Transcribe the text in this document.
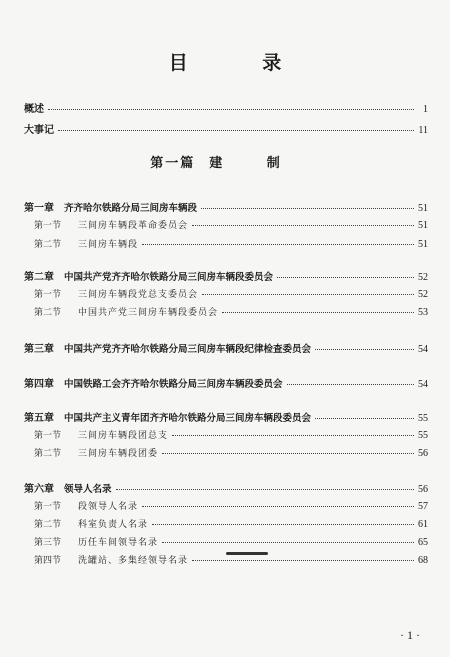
目 录
概述	1
大事记	11
第一篇 建 制
第一章	齐齐哈尔铁路分局三间房车辆段	51
第一节	三间房车辆段革命委员会	51
第二节	三间房车辆段	51
第二章	中国共产党齐齐哈尔铁路分局三间房车辆段委员会	52
第一节	三间房车辆段党总支委员会	52
第二节	中国共产党三间房车辆段委员会	53
第三章	中国共产党齐齐哈尔铁路分局三间房车辆段纪律检查委员会	54
第四章	中国铁路工会齐齐哈尔铁路分局三间房车辆段委员会	54
第五章	中国共产主义青年团齐齐哈尔铁路分局三间房车辆段委员会	55
第一节	三间房车辆段团总支	55
第二节	三间房车辆段团委	56
第六章	领导人名录	56
第一节	段领导人名录	57
第二节	科室负责人名录	61
第三节	历任车间领导名录	65
第四节	洗罐站、多集经领导名录	68
· 1 ·
